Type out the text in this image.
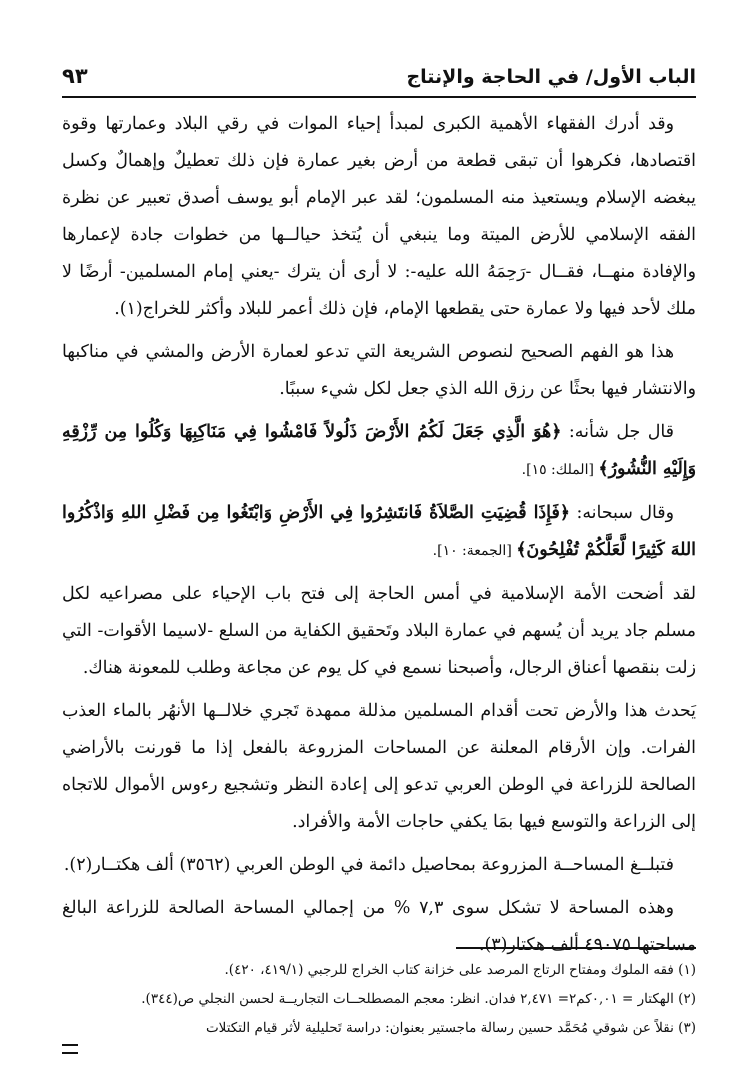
الباب الأول/ في الحاجة والإنتاج
٩٣

وقد أدرك الفقهاء الأهمية الكبرى لمبدأ إحياء الموات في رقي البلاد وعمارتها وقوة اقتصادها، فكرهوا أن تبقى قطعة من أرض بغير عمارة فإن ذلك تعطيلٌ وإهمالٌ وكسل يبغضه الإسلام ويستعيذ منه المسلمون؛ لقد عبر الإمام أبو يوسف أصدق تعبير عن نظرة الفقه الإسلامي للأرض الميتة وما ينبغي أن يُتخذ حيالــها من خطوات جادة لإعمارها والإفادة منهــا، فقــال -رَحِمَهُ الله عليه-: لا أرى أن يترك -يعني إمام المسلمين- أرضًا لا ملك لأحد فيها ولا عمارة حتى يقطعها الإمام، فإن ذلك أعمر للبلاد وأكثر للخراج(١).

هذا هو الفهم الصحيح لنصوص الشريعة التي تدعو لعمارة الأرض والمشي في مناكبها والانتشار فيها بحثًا عن رزق الله الذي جعل لكل شيء سببًا.

قال جل شأنه: ﴿هُوَ الَّذِي جَعَلَ لَكُمُ الأَرْضَ ذَلُولاً فَامْشُوا فِي مَنَاكِبِهَا وَكُلُوا مِن رِّزْقِهِ وَإِلَيْهِ النُّشُورُ﴾ [الملك: ١٥].

وقال سبحانه: ﴿فَإِذَا قُضِيَتِ الصَّلاَةُ فَانتَشِرُوا فِي الأَرْضِ وَابْتَغُوا مِن فَضْلِ اللهِ وَاذْكُرُوا اللهَ كَثِيرًا لَّعَلَّكُمْ تُفْلِحُونَ﴾ [الجمعة: ١٠].

لقد أضحت الأمة الإسلامية في أمس الحاجة إلى فتح باب الإحياء على مصراعيه لكل مسلم جاد يريد أن يُسهم في عمارة البلاد وتَحقيق الكفاية من السلع -لاسيما الأقوات- التي زلت بنقصها أعناق الرجال، وأصبحنا نسمع في كل يوم عن مجاعة وطلب للمعونة هناك.

يَحدث هذا والأرض تحت أقدام المسلمين مذللة ممهدة تَجري خلالــها الأنهُر بالماء العذب الفرات. وإن الأرقام المعلنة عن المساحات المزروعة بالفعل إذا ما قورنت بالأراضي الصالحة للزراعة في الوطن العربي تدعو إلى إعادة النظر وتشجيع رءوس الأموال للاتجاه إلى الزراعة والتوسع فيها بمَا يكفي حاجات الأمة والأفراد.

فتبلــغ المساحــة المزروعة بمحاصيل دائمة في الوطن العربي (٣٥٦٢) ألف هكتــار(٢).

وهذه المساحة لا تشكل سوى ٧,٣ % من إجمالي المساحة الصالحة للزراعة البالغ مساحتها ٤٩٠٧٥ ألف هكتار(٣).

(١) فقه الملوك ومفتاح الرتاج المرصد على خزانة كتاب الخراج للرجبي (٤١٩/١، ٤٢٠).

(٢) الهكتار = ٠,٠١كم٢= ٢,٤٧١ فدان. انظر: معجم المصطلحــات التجاريــة لحسن النجلي ص(٣٤٤).

(٣) نقلاً عن شوقي مُحَمَّد حسين رسالة ماجستير بعنوان: دراسة تَحليلية لأثر قيام التكتلات
